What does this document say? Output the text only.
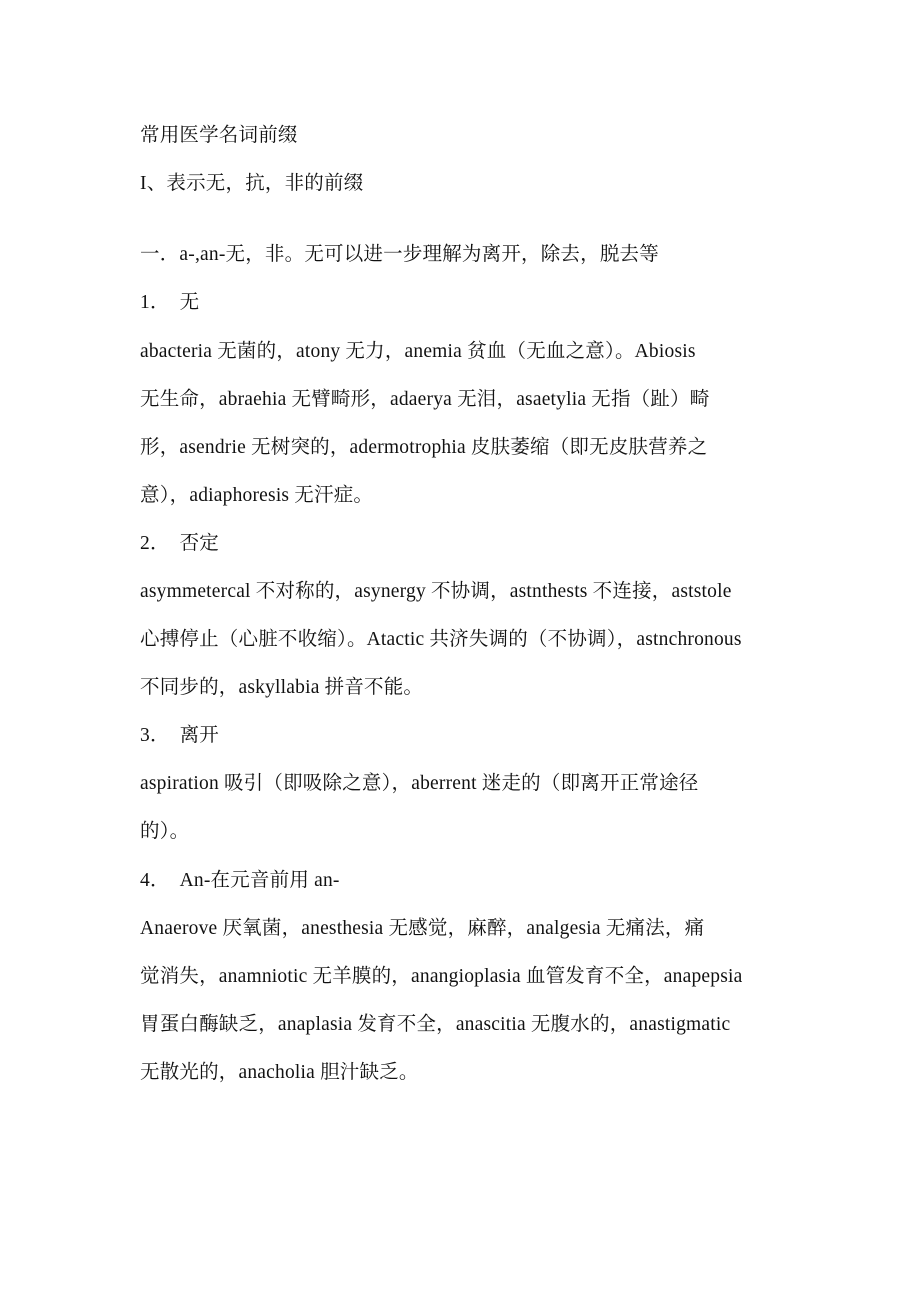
常用医学名词前缀
I、表示无，抗，非的前缀
一．a-,an-无，非。无可以进一步理解为离开，除去，脱去等
1．　无
abacteria 无菌的，atony 无力，anemia 贫血（无血之意）。Abiosis
无生命，abraehia 无臂畸形，adaerya 无泪，asaetylia 无指（趾）畸
形，asendrie 无树突的，adermotrophia 皮肤萎缩（即无皮肤营养之
意），adiaphoresis 无汗症。
2．　否定
asymmetercal 不对称的，asynergy 不协调，astnthests 不连接，aststole
心搏停止（心脏不收缩）。Atactic 共济失调的（不协调），astnchronous
不同步的，askyllabia 拼音不能。
3．　离开
aspiration 吸引（即吸除之意），aberrent 迷走的（即离开正常途径
的）。
4．　An-在元音前用 an-
Anaerove 厌氧菌，anesthesia 无感觉，麻醉，analgesia 无痛法，痛
觉消失，anamniotic 无羊膜的，anangioplasia 血管发育不全，anapepsia
胃蛋白酶缺乏，anaplasia 发育不全，anascitia 无腹水的，anastigmatic
无散光的，anacholia 胆汁缺乏。
